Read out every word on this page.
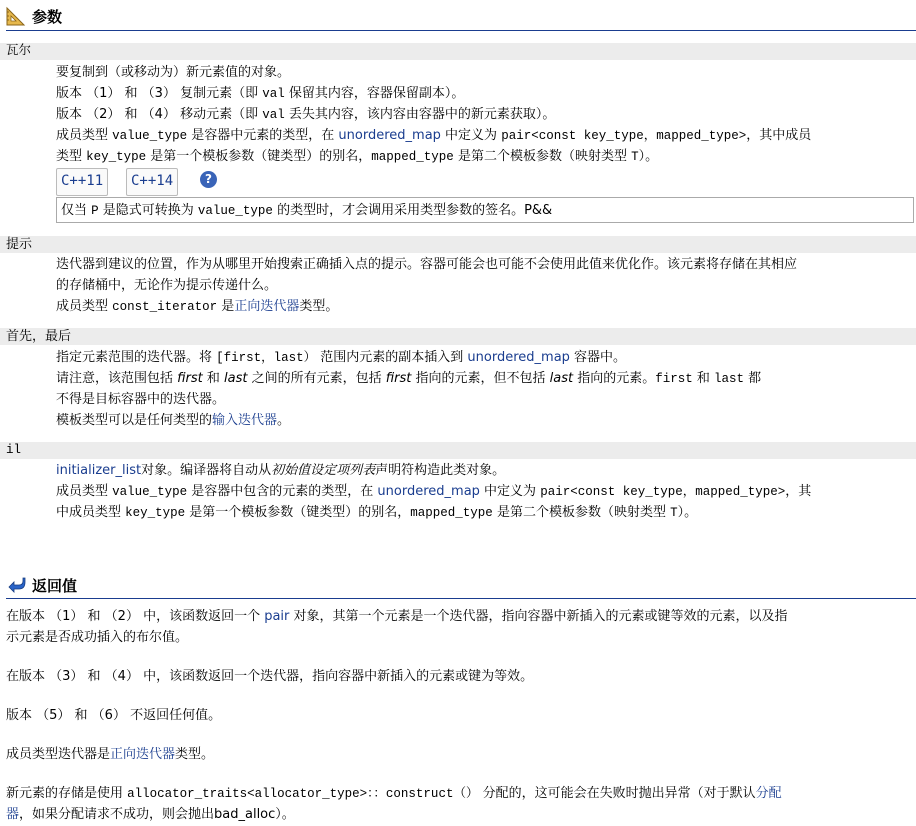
参数
瓦尔
要复制到（或移动为）新元素值的对象。
版本 （1） 和 （3） 复制元素（即 val 保留其内容，容器保留副本）。
版本 （2） 和 （4） 移动元素（即 val 丢失其内容，该内容由容器中的新元素获取）。
成员类型 value_type 是容器中元素的类型，在 unordered_map 中定义为 pair<const key_type，mapped_type>，其中成员
类型 key_type 是第一个模板参数（键类型）的别名，mapped_type 是第二个模板参数（映射类型 T）。
C++11	C++14	?
仅当 P 是隐式可转换为 value_type 的类型时，才会调用采用类型参数的签名。P&&
提示
迭代器到建议的位置，作为从哪里开始搜索正确插入点的提示。容器可能会也可能不会使用此值来优化作。该元素将存储在其相应
的存储桶中，无论作为提示传递什么。
成员类型 const_iterator 是正向迭代器类型。
首先，最后
指定元素范围的迭代器。将 [first，last） 范围内元素的副本插入到 unordered_map 容器中。
请注意，该范围包括 first 和 last 之间的所有元素，包括 first 指向的元素，但不包括 last 指向的元素。first 和 last 都
不得是目标容器中的迭代器。
模板类型可以是任何类型的输入迭代器。
il
initializer_list对象。编译器将自动从初始值设定项列表声明符构造此类对象。
成员类型 value_type 是容器中包含的元素的类型，在 unordered_map 中定义为 pair<const key_type，mapped_type>，其
中成员类型 key_type 是第一个模板参数（键类型）的别名，mapped_type 是第二个模板参数（映射类型 T）。
返回值
在版本 （1） 和 （2） 中，该函数返回一个 pair 对象，其第一个元素是一个迭代器，指向容器中新插入的元素或键等效的元素，以及指
示元素是否成功插入的布尔值。
在版本 （3） 和 （4） 中，该函数返回一个迭代器，指向容器中新插入的元素或键为等效。
版本 （5） 和 （6） 不返回任何值。
成员类型迭代器是正向迭代器类型。
新元素的存储是使用 allocator_traits<allocator_type>：：construct（） 分配的，这可能会在失败时抛出异常（对于默认分配
器，如果分配请求不成功，则会抛出bad_alloc）。
